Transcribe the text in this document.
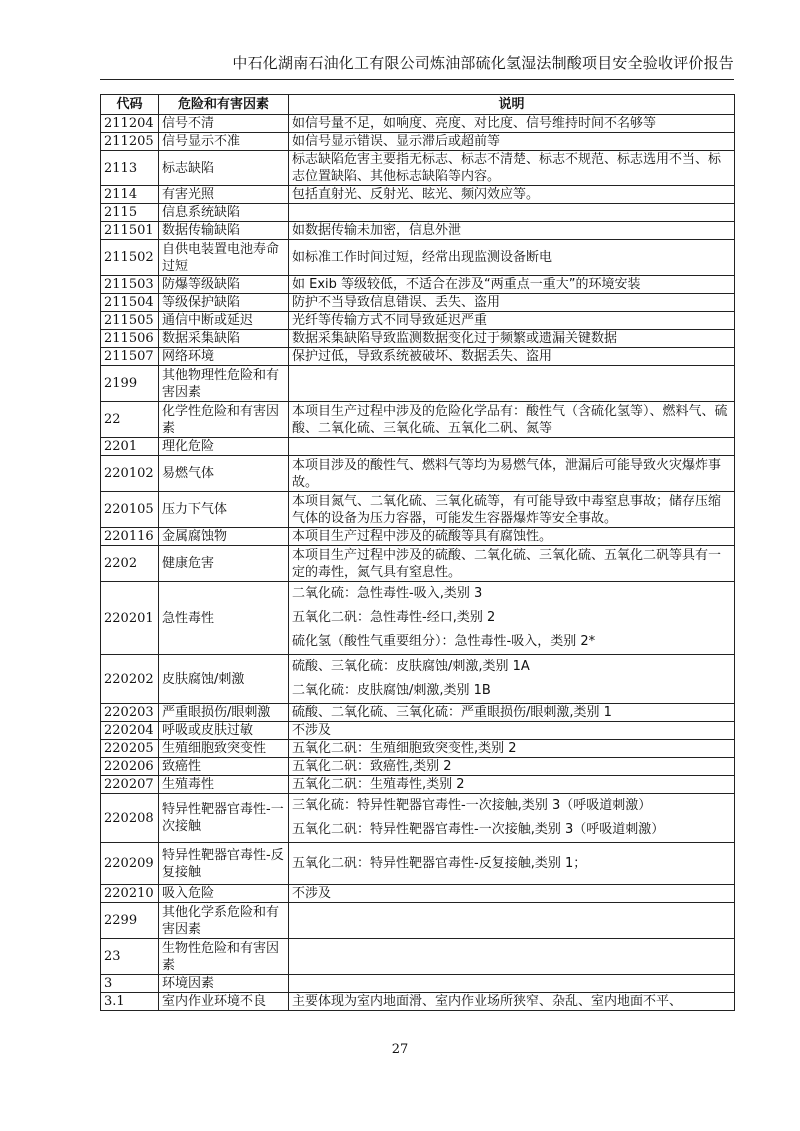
中石化湖南石油化工有限公司炼油部硫化氢湿法制酸项目安全验收评价报告
代码	危险和有害因素	说明
211204	信号不清	如信号量不足，如响度、亮度、对比度、信号维持时间不名够等

211205	信号显示不准	如信号显示错误、显示滞后或超前等

2113	标志缺陷	标志缺陷危害主要指无标志、标志不清楚、标志不规范、标志选用不当、标志位置缺陷、其他标志缺陷等内容。

2114	有害光照	包括直射光、反射光、眩光、频闪效应等。

2115	信息系统缺陷	
211501	数据传输缺陷	如数据传输未加密，信息外泄

211502	自供电装置电池寿命过短	如标准工作时间过短，经常出现监测设备断电

211503	防爆等级缺陷	如 Exib 等级较低，不适合在涉及“两重点一重大”的环境安装

211504	等级保护缺陷	防护不当导致信息错误、丢失、盗用

211505	通信中断或延迟	光纤等传输方式不同导致延迟严重

211506	数据采集缺陷	数据采集缺陷导致监测数据变化过于频繁或遗漏关键数据

211507	网络环境	保护过低，导致系统被破坏、数据丢失、盗用

2199	其他物理性危险和有害因素	
22	化学性危险和有害因素	本项目生产过程中涉及的危险化学品有：酸性气（含硫化氢等）、燃料气、硫酸、二氧化硫、三氧化硫、五氧化二矾、氮等

2201	理化危险	
220102	易燃气体	本项目涉及的酸性气、燃料气等均为易燃气体，泄漏后可能导致火灾爆炸事故。

220105	压力下气体	本项目氮气、二氧化硫、三氧化硫等，有可能导致中毒窒息事故；储存压缩气体的设备为压力容器，可能发生容器爆炸等安全事故。

220116	金属腐蚀物	本项目生产过程中涉及的硫酸等具有腐蚀性。

2202	健康危害	本项目生产过程中涉及的硫酸、二氧化硫、三氧化硫、五氧化二矾等具有一定的毒性，氮气具有窒息性。

220201	急性毒性	二氧化硫：急性毒性-吸入,类别 3
五氧化二矾：急性毒性-经口,类别 2
硫化氢（酸性气重要组分）：急性毒性-吸入，类别 2*

220202	皮肤腐蚀/刺激	硫酸、三氧化硫：皮肤腐蚀/刺激,类别 1A
二氧化硫：皮肤腐蚀/刺激,类别 1B

220203	严重眼损伤/眼刺激	硫酸、二氧化硫、三氧化硫：严重眼损伤/眼刺激,类别 1

220204	呼吸或皮肤过敏	不涉及

220205	生殖细胞致突变性	五氧化二矾：生殖细胞致突变性,类别 2

220206	致癌性	五氧化二矾：致癌性,类别 2

220207	生殖毒性	五氧化二矾：生殖毒性,类别 2

220208	特异性靶器官毒性-一次接触	三氧化硫：特异性靶器官毒性-一次接触,类别 3（呼吸道刺激）
五氧化二矾：特异性靶器官毒性-一次接触,类别 3（呼吸道刺激）

220209	特异性靶器官毒性-反复接触	五氧化二矾：特异性靶器官毒性-反复接触,类别 1；

220210	吸入危险	不涉及

2299	其他化学系危险和有害因素	
23	生物性危险和有害因素	
3	环境因素	
3.1	室内作业环境不良	主要体现为室内地面滑、室内作业场所狭窄、杂乱、室内地面不平、
27
